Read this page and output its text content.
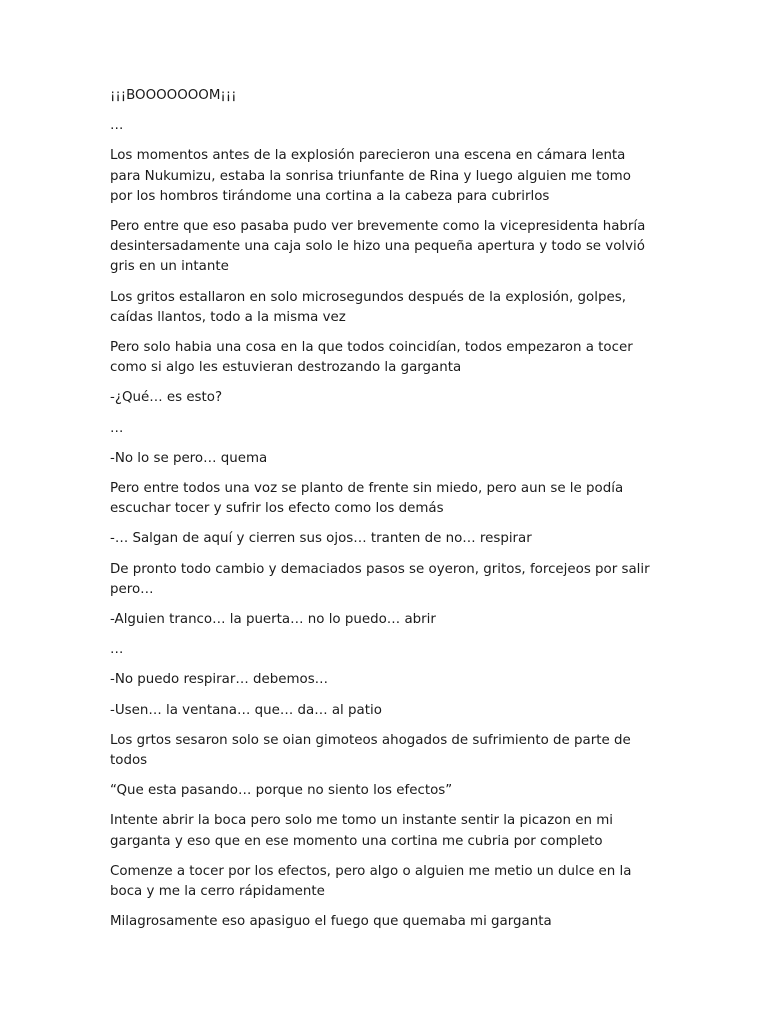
¡¡¡BOOOOOOOM¡¡¡

…

Los momentos antes de la explosión parecieron una escena en cámara lenta para Nukumizu, estaba la sonrisa triunfante de Rina y luego alguien me tomo por los hombros tirándome una cortina a la cabeza para cubrirlos

Pero entre que eso pasaba pudo ver brevemente como la vicepresidenta habría desintersadamente una caja solo le hizo una pequeña apertura y todo se volvió gris en un intante

Los gritos estallaron en solo microsegundos después de la explosión, golpes, caídas llantos, todo a la misma vez

Pero solo habia una cosa en la que todos coincidían, todos empezaron a tocer como si algo les estuvieran destrozando la garganta

-¿Qué… es esto?

…

-No lo se pero… quema

Pero entre todos una voz se planto de frente sin miedo, pero aun se le podía escuchar tocer y sufrir los efecto como los demás

-… Salgan de aquí y cierren sus ojos… tranten de no… respirar

De pronto todo cambio y demaciados pasos se oyeron, gritos, forcejeos por salir pero…

-Alguien tranco… la puerta… no lo puedo… abrir

…

-No puedo respirar… debemos…

-Usen… la ventana… que… da… al patio

Los grtos sesaron solo se oian gimoteos ahogados de sufrimiento de parte de todos

“Que esta pasando… porque no siento los efectos”

Intente abrir la boca pero solo me tomo un instante sentir la picazon en mi garganta y eso que en ese momento una cortina me cubria por completo

Comenze a tocer por los efectos, pero algo o alguien me metio un dulce en la boca y me la cerro rápidamente

Milagrosamente eso apasiguo el fuego que quemaba mi garganta
